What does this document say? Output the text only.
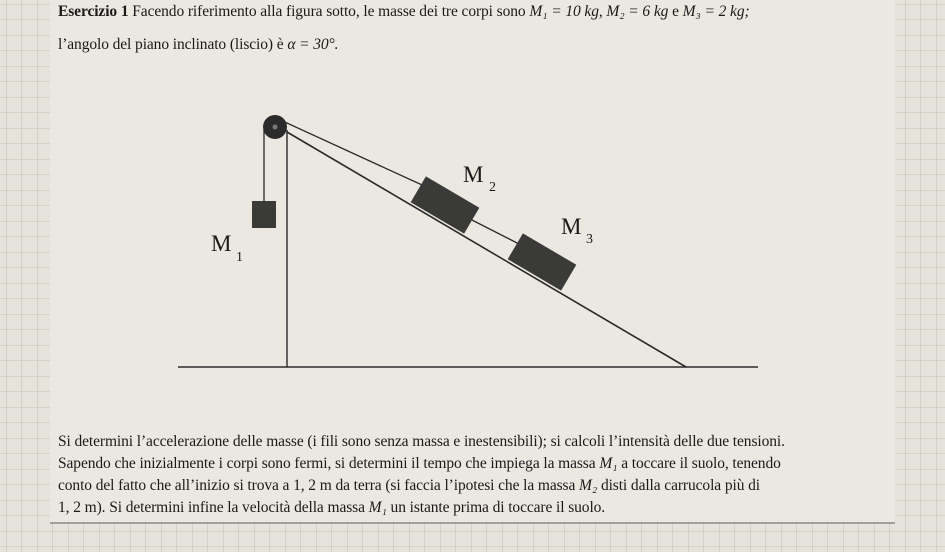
Esercizio 1 Facendo riferimento alla figura sotto, le masse dei tre corpi sono M₁ = 10 kg, M₂ = 6 kg e M₃ = 2 kg;
l’angolo del piano inclinato (liscio) è α = 30°.
M
1
M
2
M
3
Si determini l’accelerazione delle masse (i fili sono senza massa e inestensibili); si calcoli l’intensità delle due tensioni.
Sapendo che inizialmente i corpi sono fermi, si determini il tempo che impiega la massa M₁ a toccare il suolo, tenendo
conto del fatto che all’inizio si trova a 1, 2 m da terra (si faccia l’ipotesi che la massa M₂ disti dalla carrucola più di
1, 2 m). Si determini infine la velocità della massa M₁ un istante prima di toccare il suolo.
